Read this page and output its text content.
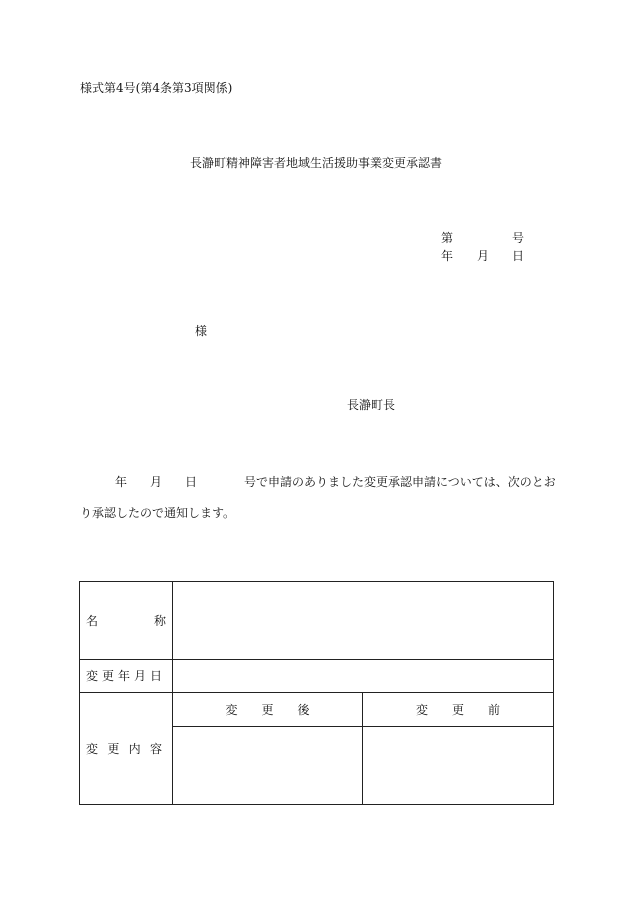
様式第4号(第4条第3項関係)
長瀞町精神障害者地域生活援助事業変更承認書
第	号
年 月 日
様
長瀞町長
年 月 日	号で申請のありました変更承認申請については、次のとお
り承認したので通知します。
名 称		

変 更 年 月 日		

変 更 内 容	変　　更　　後	変　　更　　前
